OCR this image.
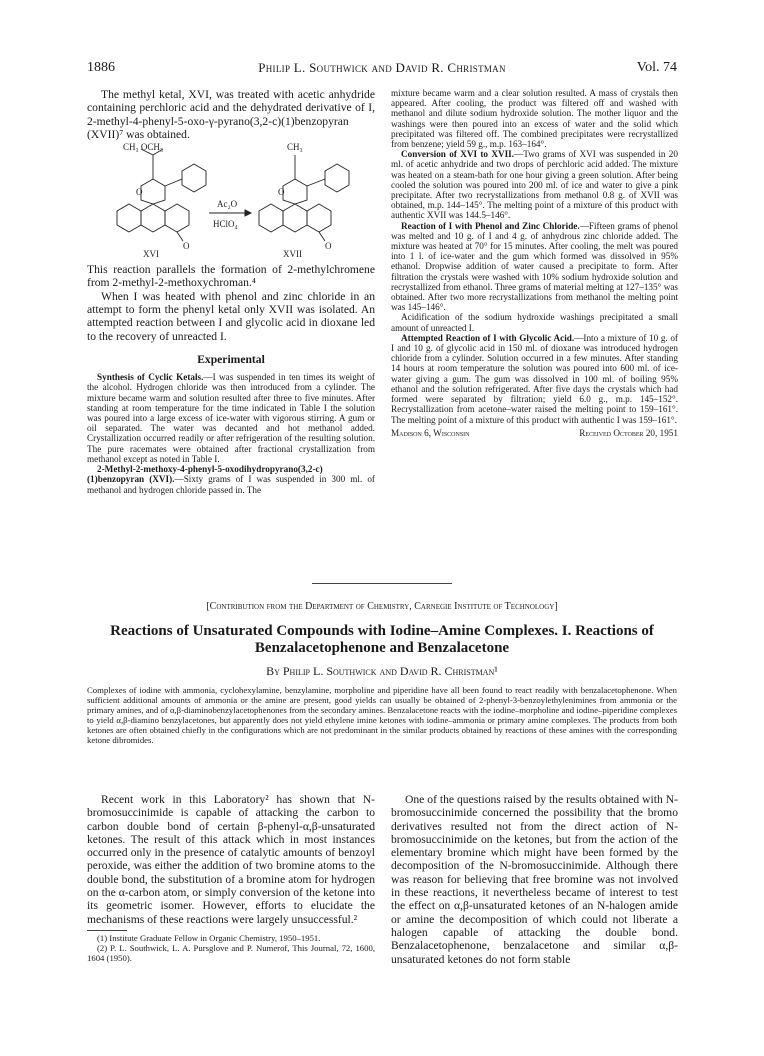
1886	Philip L. Southwick and David R. Christman	Vol. 74

The methyl ketal, XVI, was treated with acetic anhydride containing perchloric acid and the dehydrated derivative of I, 2-methyl-4-phenyl-5-oxo-γ-pyrano(3,2-c)(1)benzopyran (XVII)⁷ was obtained.

CH₃ OCH₃
O
O
XVI
Ac₂O
HClO₄
CH₃
O
O
XVII

This reaction parallels the formation of 2-methylchromene from 2-methyl-2-methoxychroman.⁴

When I was heated with phenol and zinc chloride in an attempt to form the phenyl ketal only XVII was isolated. An attempted reaction between I and glycolic acid in dioxane led to the recovery of unreacted I.

Experimental

Synthesis of Cyclic Ketals.—I was suspended in ten times its weight of the alcohol. Hydrogen chloride was then introduced from a cylinder. The mixture became warm and solution resulted after three to five minutes. After standing at room temperature for the time indicated in Table I the solution was poured into a large excess of ice-water with vigorous stirring. A gum or oil separated. The water was decanted and hot methanol added. Crystallization occurred readily or after refrigeration of the resulting solution. The pure racemates were obtained after fractional crystallization from methanol except as noted in Table I.

2-Methyl-2-methoxy-4-phenyl-5-oxodihydropyrano(3,2-c)(1)benzopyran (XVI).—Sixty grams of I was suspended in 300 ml. of methanol and hydrogen chloride passed in. The

mixture became warm and a clear solution resulted. A mass of crystals then appeared. After cooling, the product was filtered off and washed with methanol and dilute sodium hydroxide solution. The mother liquor and the washings were then poured into an excess of water and the solid which precipitated was filtered off. The combined precipitates were recrystallized from benzene; yield 59 g., m.p. 163–164°.

Conversion of XVI to XVII.—Two grams of XVI was suspended in 20 ml. of acetic anhydride and two drops of perchloric acid added. The mixture was heated on a steam-bath for one hour giving a green solution. After being cooled the solution was poured into 200 ml. of ice and water to give a pink precipitate. After two recrystallizations from methanol 0.8 g. of XVII was obtained, m.p. 144–145°. The melting point of a mixture of this product with authentic XVII was 144.5–146°.

Reaction of I with Phenol and Zinc Chloride.—Fifteen grams of phenol was melted and 10 g. of I and 4 g. of anhydrous zinc chloride added. The mixture was heated at 70° for 15 minutes. After cooling, the melt was poured into 1 l. of ice-water and the gum which formed was dissolved in 95% ethanol. Dropwise addition of water caused a precipitate to form. After filtration the crystals were washed with 10% sodium hydroxide solution and recrystallized from ethanol. Three grams of material melting at 127–135° was obtained. After two more recrystallizations from methanol the melting point was 145–146°.

Acidification of the sodium hydroxide washings precipitated a small amount of unreacted I.

Attempted Reaction of I with Glycolic Acid.—Into a mixture of 10 g. of I and 10 g. of glycolic acid in 150 ml. of dioxane was introduced hydrogen chloride from a cylinder. Solution occurred in a few minutes. After standing 14 hours at room temperature the solution was poured into 600 ml. of ice-water giving a gum. The gum was dissolved in 100 ml. of boiling 95% ethanol and the solution refrigerated. After five days the crystals which had formed were separated by filtration; yield 6.0 g., m.p. 145–152°. Recrystallization from acetone–water raised the melting point to 159–161°. The melting point of a mixture of this product with authentic I was 159–161°.

Madison 6, Wisconsin	Received October 20, 1951
[Contribution from the Department of Chemistry, Carnegie Institute of Technology]
Reactions of Unsaturated Compounds with Iodine–Amine Complexes. I. Reactions of Benzalacetophenone and Benzalacetone
By Philip L. Southwick and David R. Christman¹
Complexes of iodine with ammonia, cyclohexylamine, benzylamine, morpholine and piperidine have all been found to react readily with benzalacetophenone. When sufficient additional amounts of ammonia or the amine are present, good yields can usually be obtained of 2-phenyl-3-benzoylethylenimines from ammonia or the primary amines, and of α,β-diaminobenzylacetophenones from the secondary amines. Benzalacetone reacts with the iodine–morpholine and iodine–piperidine complexes to yield α,β-diamino benzylacetones, but apparently does not yield ethylene imine ketones with iodine–ammonia or primary amine complexes. The products from both ketones are often obtained chiefly in the configurations which are not predominant in the similar products obtained by reactions of these amines with the corresponding ketone dibromides.

Recent work in this Laboratory² has shown that N-bromosuccinimide is capable of attacking the carbon to carbon double bond of certain β-phenyl-α,β-unsaturated ketones. The result of this attack which in most instances occurred only in the presence of catalytic amounts of benzoyl peroxide, was either the addition of two bromine atoms to the double bond, the substitution of a bromine atom for hydrogen on the α-carbon atom, or simply conversion of the ketone into its geometric isomer. However, efforts to elucidate the mechanisms of these reactions were largely unsuccessful.²

(1) Institute Graduate Fellow in Organic Chemistry, 1950–1951.

(2) P. L. Southwick, L. A. Pursglove and P. Numerof, This Journal, 72, 1600, 1604 (1950).

One of the questions raised by the results obtained with N-bromosuccinimide concerned the possibility that the bromo derivatives resulted not from the direct action of N-bromosuccinimide on the ketones, but from the action of the elementary bromine which might have been formed by the decomposition of the N-bromosuccinimide. Although there was reason for believing that free bromine was not involved in these reactions, it nevertheless became of interest to test the effect on α,β-unsaturated ketones of an N-halogen amide or amine the decomposition of which could not liberate a halogen capable of attacking the double bond. Benzalacetophenone, benzalacetone and similar α,β-unsaturated ketones do not form stable
